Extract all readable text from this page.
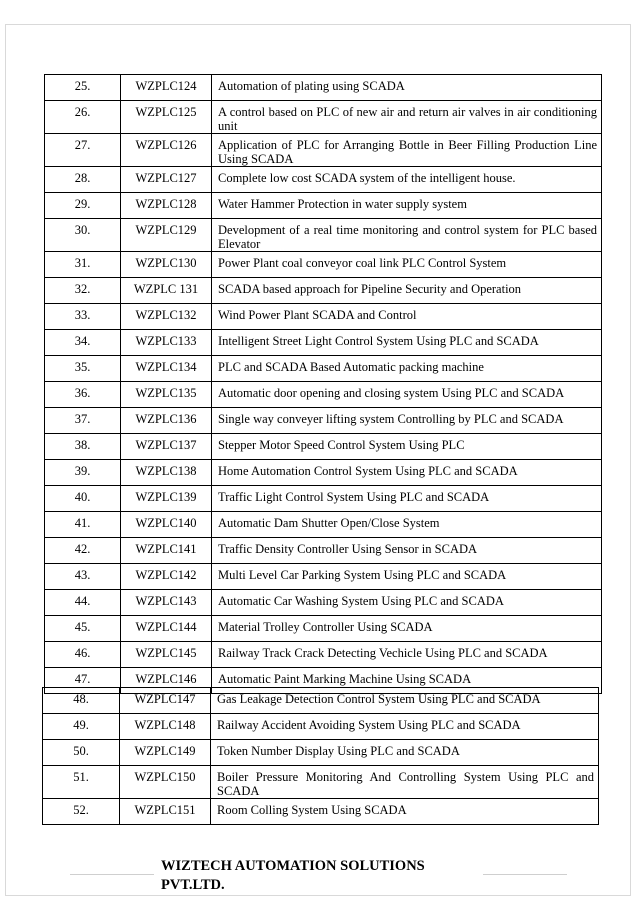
25.	WZPLC124	Automation of plating using SCADA
26.	WZPLC125	A control based on PLC of new air and return air valves in air conditioning unit
27.	WZPLC126	Application of PLC for Arranging Bottle in Beer Filling Production Line Using SCADA
28.	WZPLC127	Complete low cost SCADA system of the intelligent house.
29.	WZPLC128	Water Hammer Protection in water supply system
30.	WZPLC129	Development of a real time monitoring and control system for PLC based Elevator
31.	WZPLC130	Power Plant coal conveyor coal link PLC Control System
32.	WZPLC 131	SCADA based approach for Pipeline Security and Operation
33.	WZPLC132	Wind Power Plant SCADA and Control
34.	WZPLC133	Intelligent Street Light Control System Using PLC and SCADA
35.	WZPLC134	PLC and SCADA Based Automatic packing machine
36.	WZPLC135	Automatic door opening and closing system Using PLC and SCADA
37.	WZPLC136	Single way conveyer lifting system Controlling by PLC and SCADA
38.	WZPLC137	Stepper Motor Speed Control System Using PLC
39.	WZPLC138	Home Automation Control System Using PLC and SCADA
40.	WZPLC139	Traffic Light Control System Using PLC and SCADA
41.	WZPLC140	Automatic Dam Shutter Open/Close System
42.	WZPLC141	Traffic Density Controller Using Sensor in SCADA
43.	WZPLC142	Multi Level Car Parking System Using PLC and SCADA
44.	WZPLC143	Automatic Car Washing System Using PLC and SCADA
45.	WZPLC144	Material Trolley Controller Using SCADA
46.	WZPLC145	Railway Track Crack Detecting Vechicle Using PLC and SCADA
47.	WZPLC146	Automatic Paint Marking Machine Using SCADA
48.	WZPLC147	Gas Leakage Detection Control System Using PLC and SCADA
49.	WZPLC148	Railway Accident Avoiding System Using PLC and SCADA
50.	WZPLC149	Token Number Display Using PLC and SCADA
51.	WZPLC150	Boiler Pressure Monitoring And Controlling System Using PLC and SCADA
52.	WZPLC151	Room Colling System Using SCADA
WIZTECH AUTOMATION SOLUTIONS
PVT.LTD.
